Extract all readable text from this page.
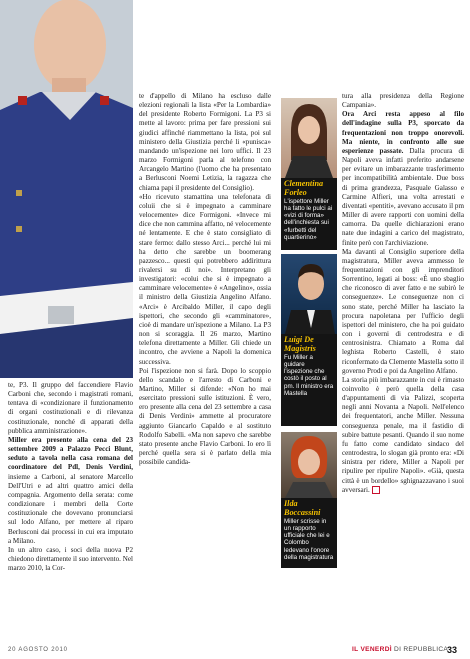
te, P3. Il gruppo del faccendiere Flavio Carboni che, secondo i magistrati romani, tentava di «condizionare il funzionamento di organi costituzionali e di rilevanza costituzionale, nonché di apparati della pubblica amministrazione».

Miller era presente alla cena del 23 settembre 2009 a Palazzo Pecci Blunt, seduto a tavola nella casa romana del coordinatore del Pdl, Denis Verdini, insieme a Carboni, al senatore Marcello Dell'Utri e ad altri quattro amici della compagnia. Argomento della serata: come condizionare i membri della Corte costituzionale che dovevano pronunciarsi sul lodo Alfano, per mettere al riparo Berlusconi dai processi in cui era imputato a Milano.

In un altro caso, i soci della nuova P2 chiedono direttamente il suo intervento. Nel marzo 2010, la Cor-

te d'appello di Milano ha escluso dalle elezioni regionali la lista «Per la Lombardia» del presidente Roberto Formigoni. La P3 si mette al lavoro: prima per fare pressioni sui giudici affinché riammettano la lista, poi sul ministero della Giustizia perché li «punisca» mandando un'ispezione nei loro uffici. Il 23 marzo Formigoni parla al telefono con Arcangelo Martino (l'uomo che ha presentato a Berlusconi Noemi Letizia, la ragazza che chiama papi il presidente del Consiglio).

«Ho ricevuto stamattina una telefonata di coluii che si è impegnato a camminare velocemente» dice Formigoni. «Invece mi dice che non cammina affatto, né velocemente né lentamente. E che è stato consigliato di stare fermo: dallo stesso Arci... perché lui mi ha detto che sarebbe un boomerang pazzesco... questi qui potrebbero addirittura rivalersi su di noi». Interpretano gli investigatori: «colui che si è impegnato a camminare velocemente» è «Angelino», ossia il ministro della Giustizia Angelino Alfano. «Arci» è Arcibaldo Miller, il capo degli ispettori, che secondo gli «camminatore», cioè di mandare un'ispezione a Milano. La P3 non si scoraggia. Il 26 marzo, Martino telefona direttamente a Miller. Gli chiede un incontro, che avviene a Napoli la domenica successiva.

Poi l'ispezione non si farà. Dopo lo scoppio dello scandalo e l'arresto di Carboni e Martino, Miller si difende: «Non ho mai esercitato pressioni sulle istituzioni. È vero, ero presente alla cena del 23 settembre a casa di Denis Verdini» ammette al procuratore aggiunto Giancarlo Capaldo e al sostituto Rodolfo Sabelli. «Ma non sapevo che sarebbe stato presente anche Flavio Carboni. Io ero lì perché quella sera si è parlato della mia possibile candida-

Clementina Forleo
L'ispettore Miller ha fatto le pulci ai «vizi di forma» dell'inchiesta sui «furbetti del quartierino»
Luigi De Magistris
Fu Miller a guidare l'ispezione che costò il posto al pm. Il ministro era Mastella
Ilda Boccassini
Miller scrisse in un rapporto ufficiale che lei e Colombo ledevano l'onore della magistratura

tura alla presidenza della Regione Campania».

Ora Arci resta appeso al filo dell'indagine sulla P3, sporcato da frequentazioni non troppo onorevoli. Ma niente, in confronto alle sue esperienze passate. Dalla procura di Napoli aveva infatti preferito andarsene per evitare un imbarazzante trasferimento per incompatibilità ambientale. Due boss di prima grandezza, Pasquale Galasso e Carmine Alfieri, una volta arrestati e diventati «pentiti», avevano accusato il pm Miller di avere rapporti con uomini della camorra. Da quelle dichiarazioni erano nate due indagini a carico del magistrato, finite però con l'archiviazione.

Ma davanti al Consiglio superiore della magistratura, Miller aveva ammesso le frequentazioni con gli imprenditori Sorrentino, legati ai boss: «È uno sbaglio che riconosco di aver fatto e ne subirò le conseguenze». Le conseguenze non ci sono state, perché Miller ha lasciato la procura napoletana per l'ufficio degli ispettori del ministero, che ha poi guidato con i governi di centrodestra e di centrosinistra. Chiamato a Roma dal leghista Roberto Castelli, è stato riconfermato da Clemente Mastella sotto il governo Prodi e poi da Angelino Alfano.

La storia più imbarazzante in cui è rimasto coinvolto è però quella della casa d'appuntamenti di via Palizzi, scoperta negli anni Novanta a Napoli. Nell'elenco dei frequentatori, anche Miller. Nessuna conseguenza penale, ma il fastidio di subire battute pesanti. Quando il suo nome fu fatto come candidato sindaco del centrodestra, lo slogan già pronto era: «Di sinistra per ridere, Miller a Napoli per ripulire per ripulire Napoli». «Già, questa città è un bordello» sghignazzavano i suoi avversari.

20 AGOSTO 2010	IL VENERDÌ DI REPUBBLICA
33
